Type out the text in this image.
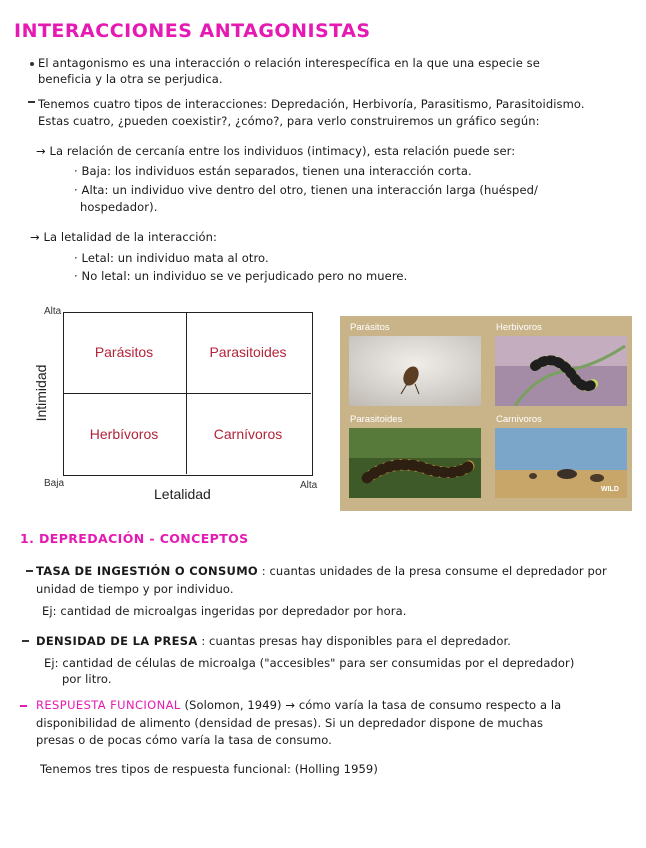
INTERACCIONES ANTAGONISTAS
El antagonismo es una interacción o relación interespecífica en la que una especie se
beneficia y la otra se perjudica.
Tenemos cuatro tipos de interacciones: Depredación, Herbivoría, Parasitismo, Parasitoidismo.
Estas cuatro, ¿pueden coexistir?, ¿cómo?, para verlo construiremos un gráfico según:
→ La relación de cercanía entre los individuos (intimacy), esta relación puede ser:
· Baja: los individuos están separados, tienen una interacción corta.
· Alta: un individuo vive dentro del otro, tienen una interacción larga (huésped/
hospedador).
→ La letalidad de la interacción:
· Letal: un individuo mata al otro.
· No letal: un individuo se ve perjudicado pero no muere.
Alta
Parásitos	Parasitoides
Herbívoros	Carnívoros
Intimidad
Baja	Alta
Letalidad
Parásitos	Herbivoros
Parasitoides	Carnivoros
WILD
1. DEPREDACIÓN - CONCEPTOS
TASA DE INGESTIÓN O CONSUMO : cuantas unidades de la presa consume el depredador por
unidad de tiempo y por individuo.
Ej: cantidad de microalgas ingeridas por depredador por hora.
DENSIDAD DE LA PRESA : cuantas presas hay disponibles para el depredador.
Ej: cantidad de células de microalga ("accesibles" para ser consumidas por el depredador)
por litro.
RESPUESTA FUNCIONAL (Solomon, 1949) → cómo varía la tasa de consumo respecto a la
disponibilidad de alimento (densidad de presas). Si un depredador dispone de muchas
presas o de pocas cómo varía la tasa de consumo.
Tenemos tres tipos de respuesta funcional: (Holling 1959)
